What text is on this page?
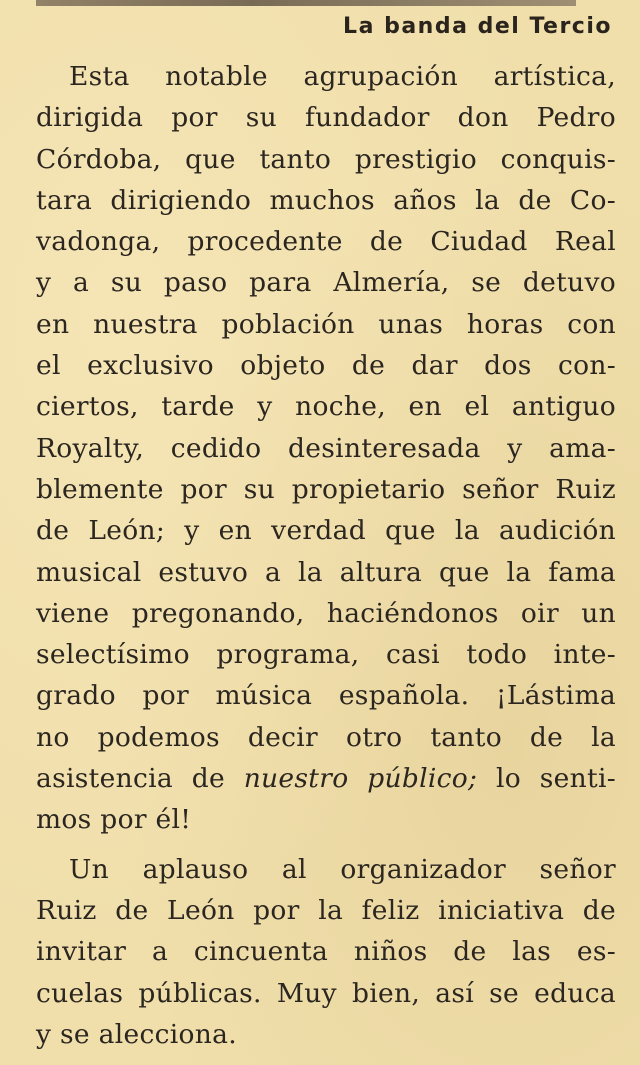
La banda del Tercio
Esta notable agrupación artística,
dirigida por su fundador don Pedro
Córdoba, que tanto prestigio conquis-
tara dirigiendo muchos años la de Co-
vadonga, procedente de Ciudad Real
y a su paso para Almería, se detuvo
en nuestra población unas horas con
el exclusivo objeto de dar dos con-
ciertos, tarde y noche, en el antiguo
Royalty, cedido desinteresada y ama-
blemente por su propietario señor Ruiz
de León; y en verdad que la audición
musical estuvo a la altura que la fama
viene pregonando, haciéndonos oir un
selectísimo programa, casi todo inte-
grado por música española. ¡Lástima
no podemos decir otro tanto de la
asistencia de nuestro público; lo senti-
mos por él!
Un aplauso al organizador señor
Ruiz de León por la feliz iniciativa de
invitar a cincuenta niños de las es-
cuelas públicas. Muy bien, así se educa
y se alecciona.
